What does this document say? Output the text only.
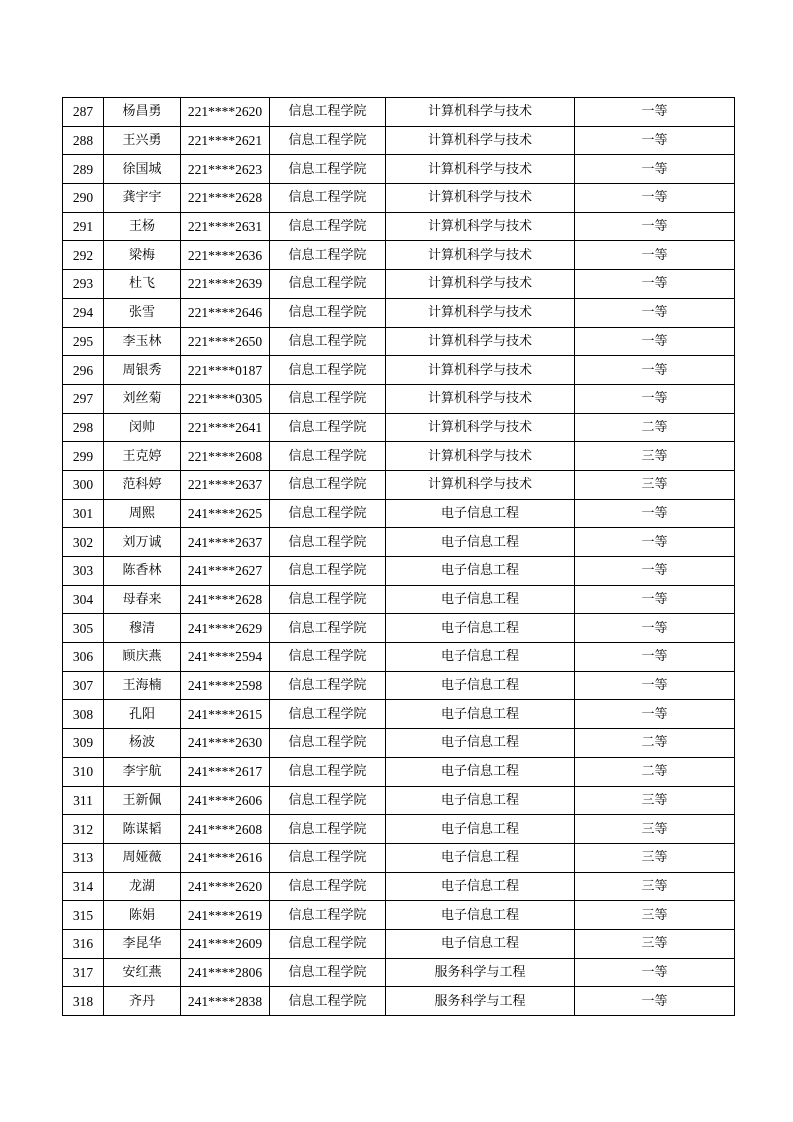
287	杨昌勇	221****2620	信息工程学院	计算机科学与技术	一等
288	王兴勇	221****2621	信息工程学院	计算机科学与技术	一等
289	徐国城	221****2623	信息工程学院	计算机科学与技术	一等
290	龚宇宇	221****2628	信息工程学院	计算机科学与技术	一等
291	王杨	221****2631	信息工程学院	计算机科学与技术	一等
292	梁梅	221****2636	信息工程学院	计算机科学与技术	一等
293	杜飞	221****2639	信息工程学院	计算机科学与技术	一等
294	张雪	221****2646	信息工程学院	计算机科学与技术	一等
295	李玉林	221****2650	信息工程学院	计算机科学与技术	一等
296	周银秀	221****0187	信息工程学院	计算机科学与技术	一等
297	刘丝菊	221****0305	信息工程学院	计算机科学与技术	一等
298	闵帅	221****2641	信息工程学院	计算机科学与技术	二等
299	王克婷	221****2608	信息工程学院	计算机科学与技术	三等
300	范科婷	221****2637	信息工程学院	计算机科学与技术	三等
301	周熙	241****2625	信息工程学院	电子信息工程	一等
302	刘万诚	241****2637	信息工程学院	电子信息工程	一等
303	陈香林	241****2627	信息工程学院	电子信息工程	一等
304	母春来	241****2628	信息工程学院	电子信息工程	一等
305	穆清	241****2629	信息工程学院	电子信息工程	一等
306	顾庆燕	241****2594	信息工程学院	电子信息工程	一等
307	王海楠	241****2598	信息工程学院	电子信息工程	一等
308	孔阳	241****2615	信息工程学院	电子信息工程	一等
309	杨波	241****2630	信息工程学院	电子信息工程	二等
310	李宇航	241****2617	信息工程学院	电子信息工程	二等
311	王新佩	241****2606	信息工程学院	电子信息工程	三等
312	陈谋韬	241****2608	信息工程学院	电子信息工程	三等
313	周娅薇	241****2616	信息工程学院	电子信息工程	三等
314	龙湖	241****2620	信息工程学院	电子信息工程	三等
315	陈娟	241****2619	信息工程学院	电子信息工程	三等
316	李昆华	241****2609	信息工程学院	电子信息工程	三等
317	安红燕	241****2806	信息工程学院	服务科学与工程	一等
318	齐丹	241****2838	信息工程学院	服务科学与工程	一等
